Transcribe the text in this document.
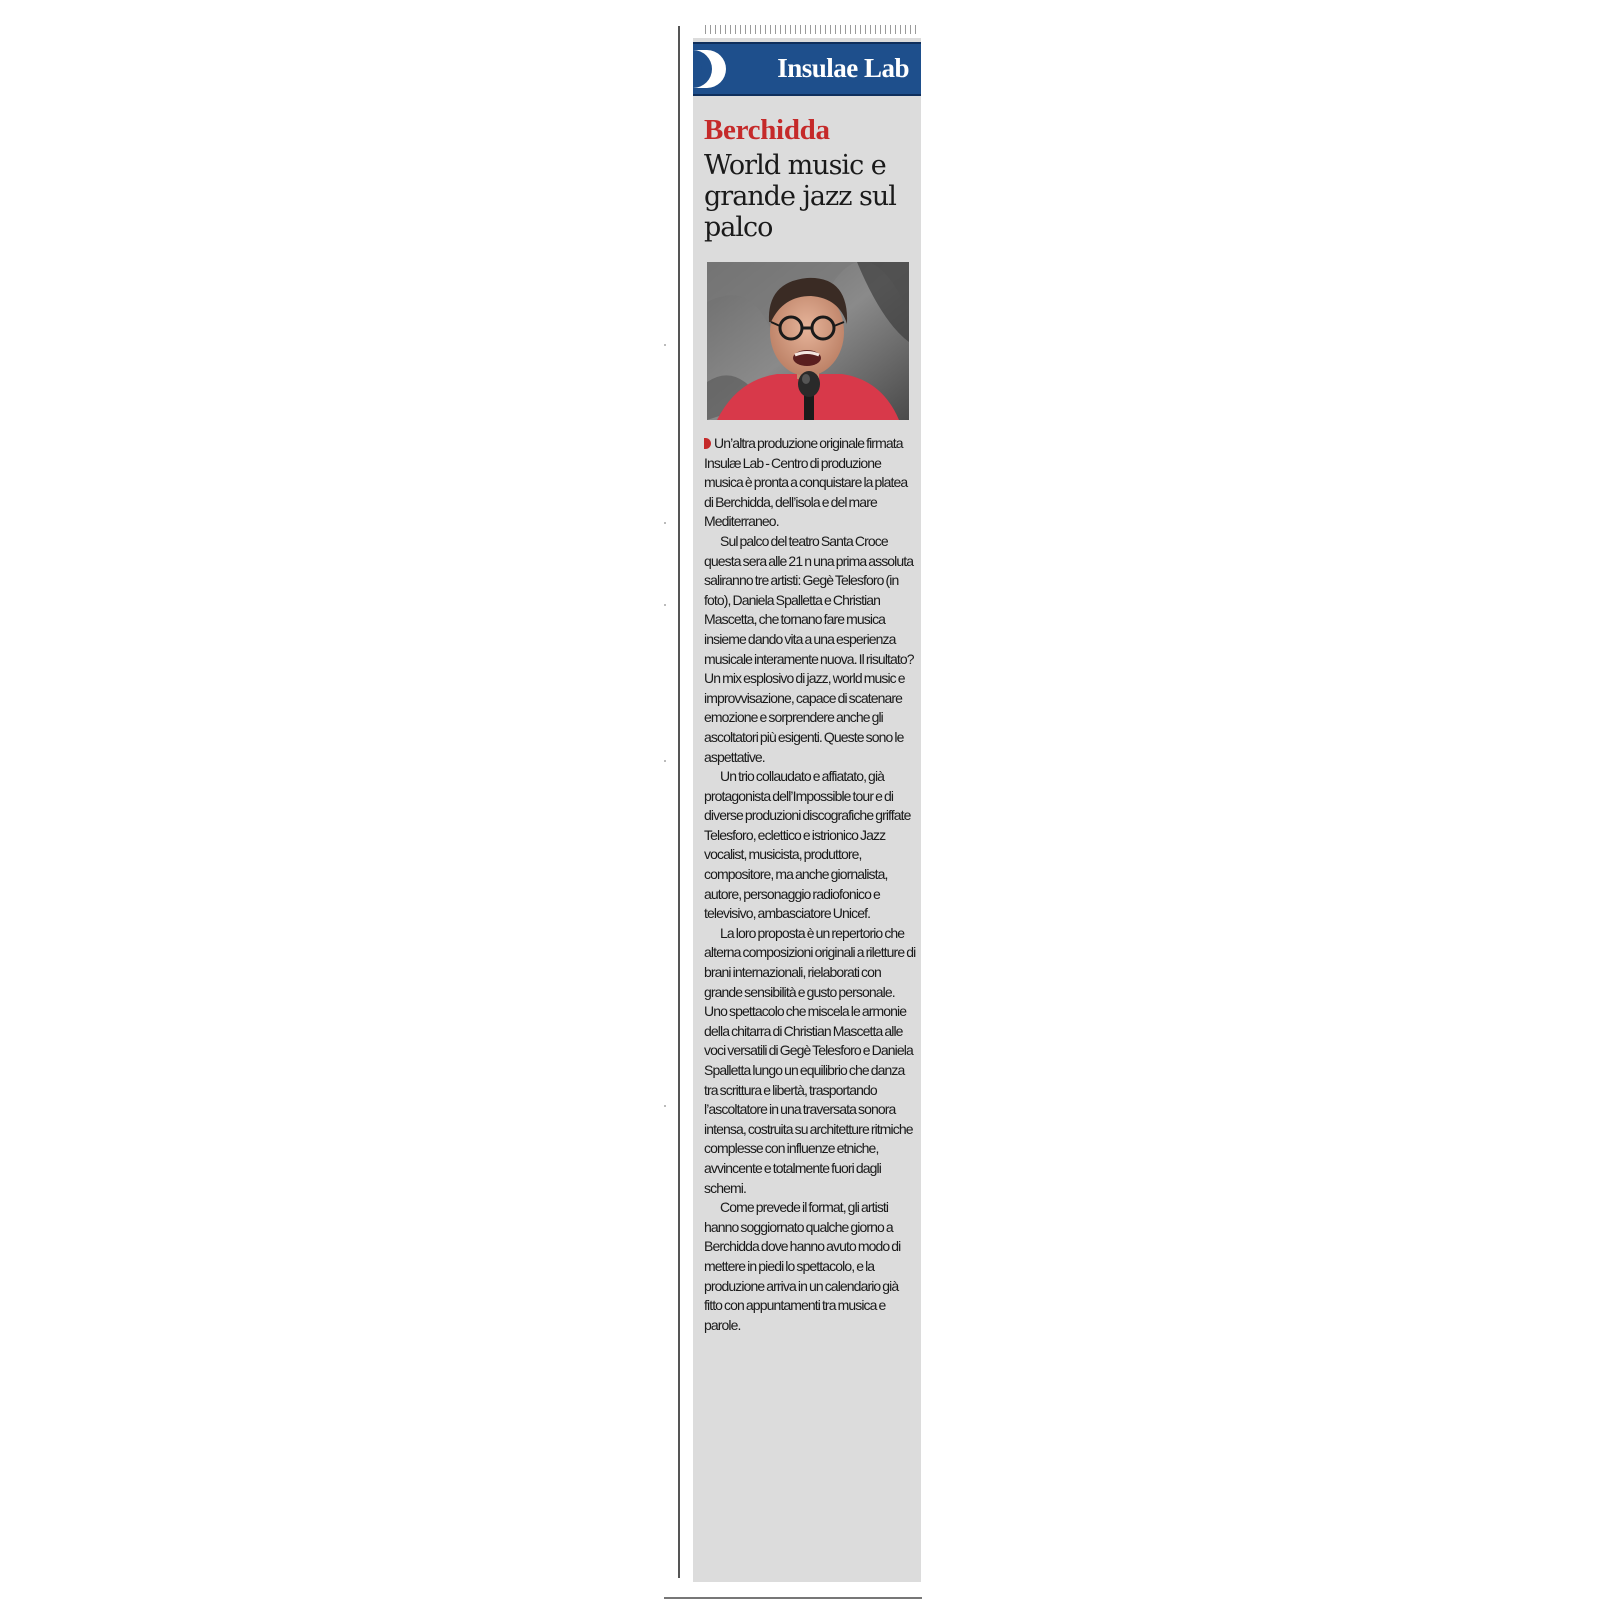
Insulae Lab
Berchidda
World music e grande jazz sul palco

Un’altra produzione originale firmata Insulæ Lab - Centro di produzione musica è pronta a conquistare la platea di Berchidda, dell’isola e del mare Mediterraneo.

Sul palco del teatro Santa Croce questa sera alle 21 n una prima assoluta saliranno tre artisti: Gegè Telesforo (in foto), Daniela Spalletta e Christian Mascetta, che tornano fare musica insieme dando vita a una esperienza musicale interamente nuova. Il risultato? Un mix esplosivo di jazz, world music e improvvisazione, capace di scatenare emozione e sorprendere anche gli ascoltatori più esigenti. Queste sono le aspettative.

Un trio collaudato e affiatato, già protagonista dell’Impossible tour e di diverse produzioni discografiche griffate Telesforo, eclettico e istrionico Jazz vocalist, musicista, produttore, compositore, ma anche giornalista, autore, personaggio radiofonico e televisivo, ambasciatore Unicef.

La loro proposta è un repertorio che alterna composizioni originali a riletture di brani internazionali, rielaborati con grande sensibilità e gusto personale. Uno spettacolo che miscela le armonie della chitarra di Christian Mascetta alle voci versatili di Gegè Telesforo e Daniela Spalletta lungo un equilibrio che danza tra scrittura e libertà, trasportando l’ascoltatore in una traversata sonora intensa, costruita su architetture ritmiche complesse con influenze etniche, avvincente e totalmente fuori dagli schemi.

Come prevede il format, gli artisti hanno soggiornato qualche giorno a Berchidda dove hanno avuto modo di mettere in piedi lo spettacolo, e la produzione arriva in un calendario già fitto con appuntamenti tra musica e parole.
